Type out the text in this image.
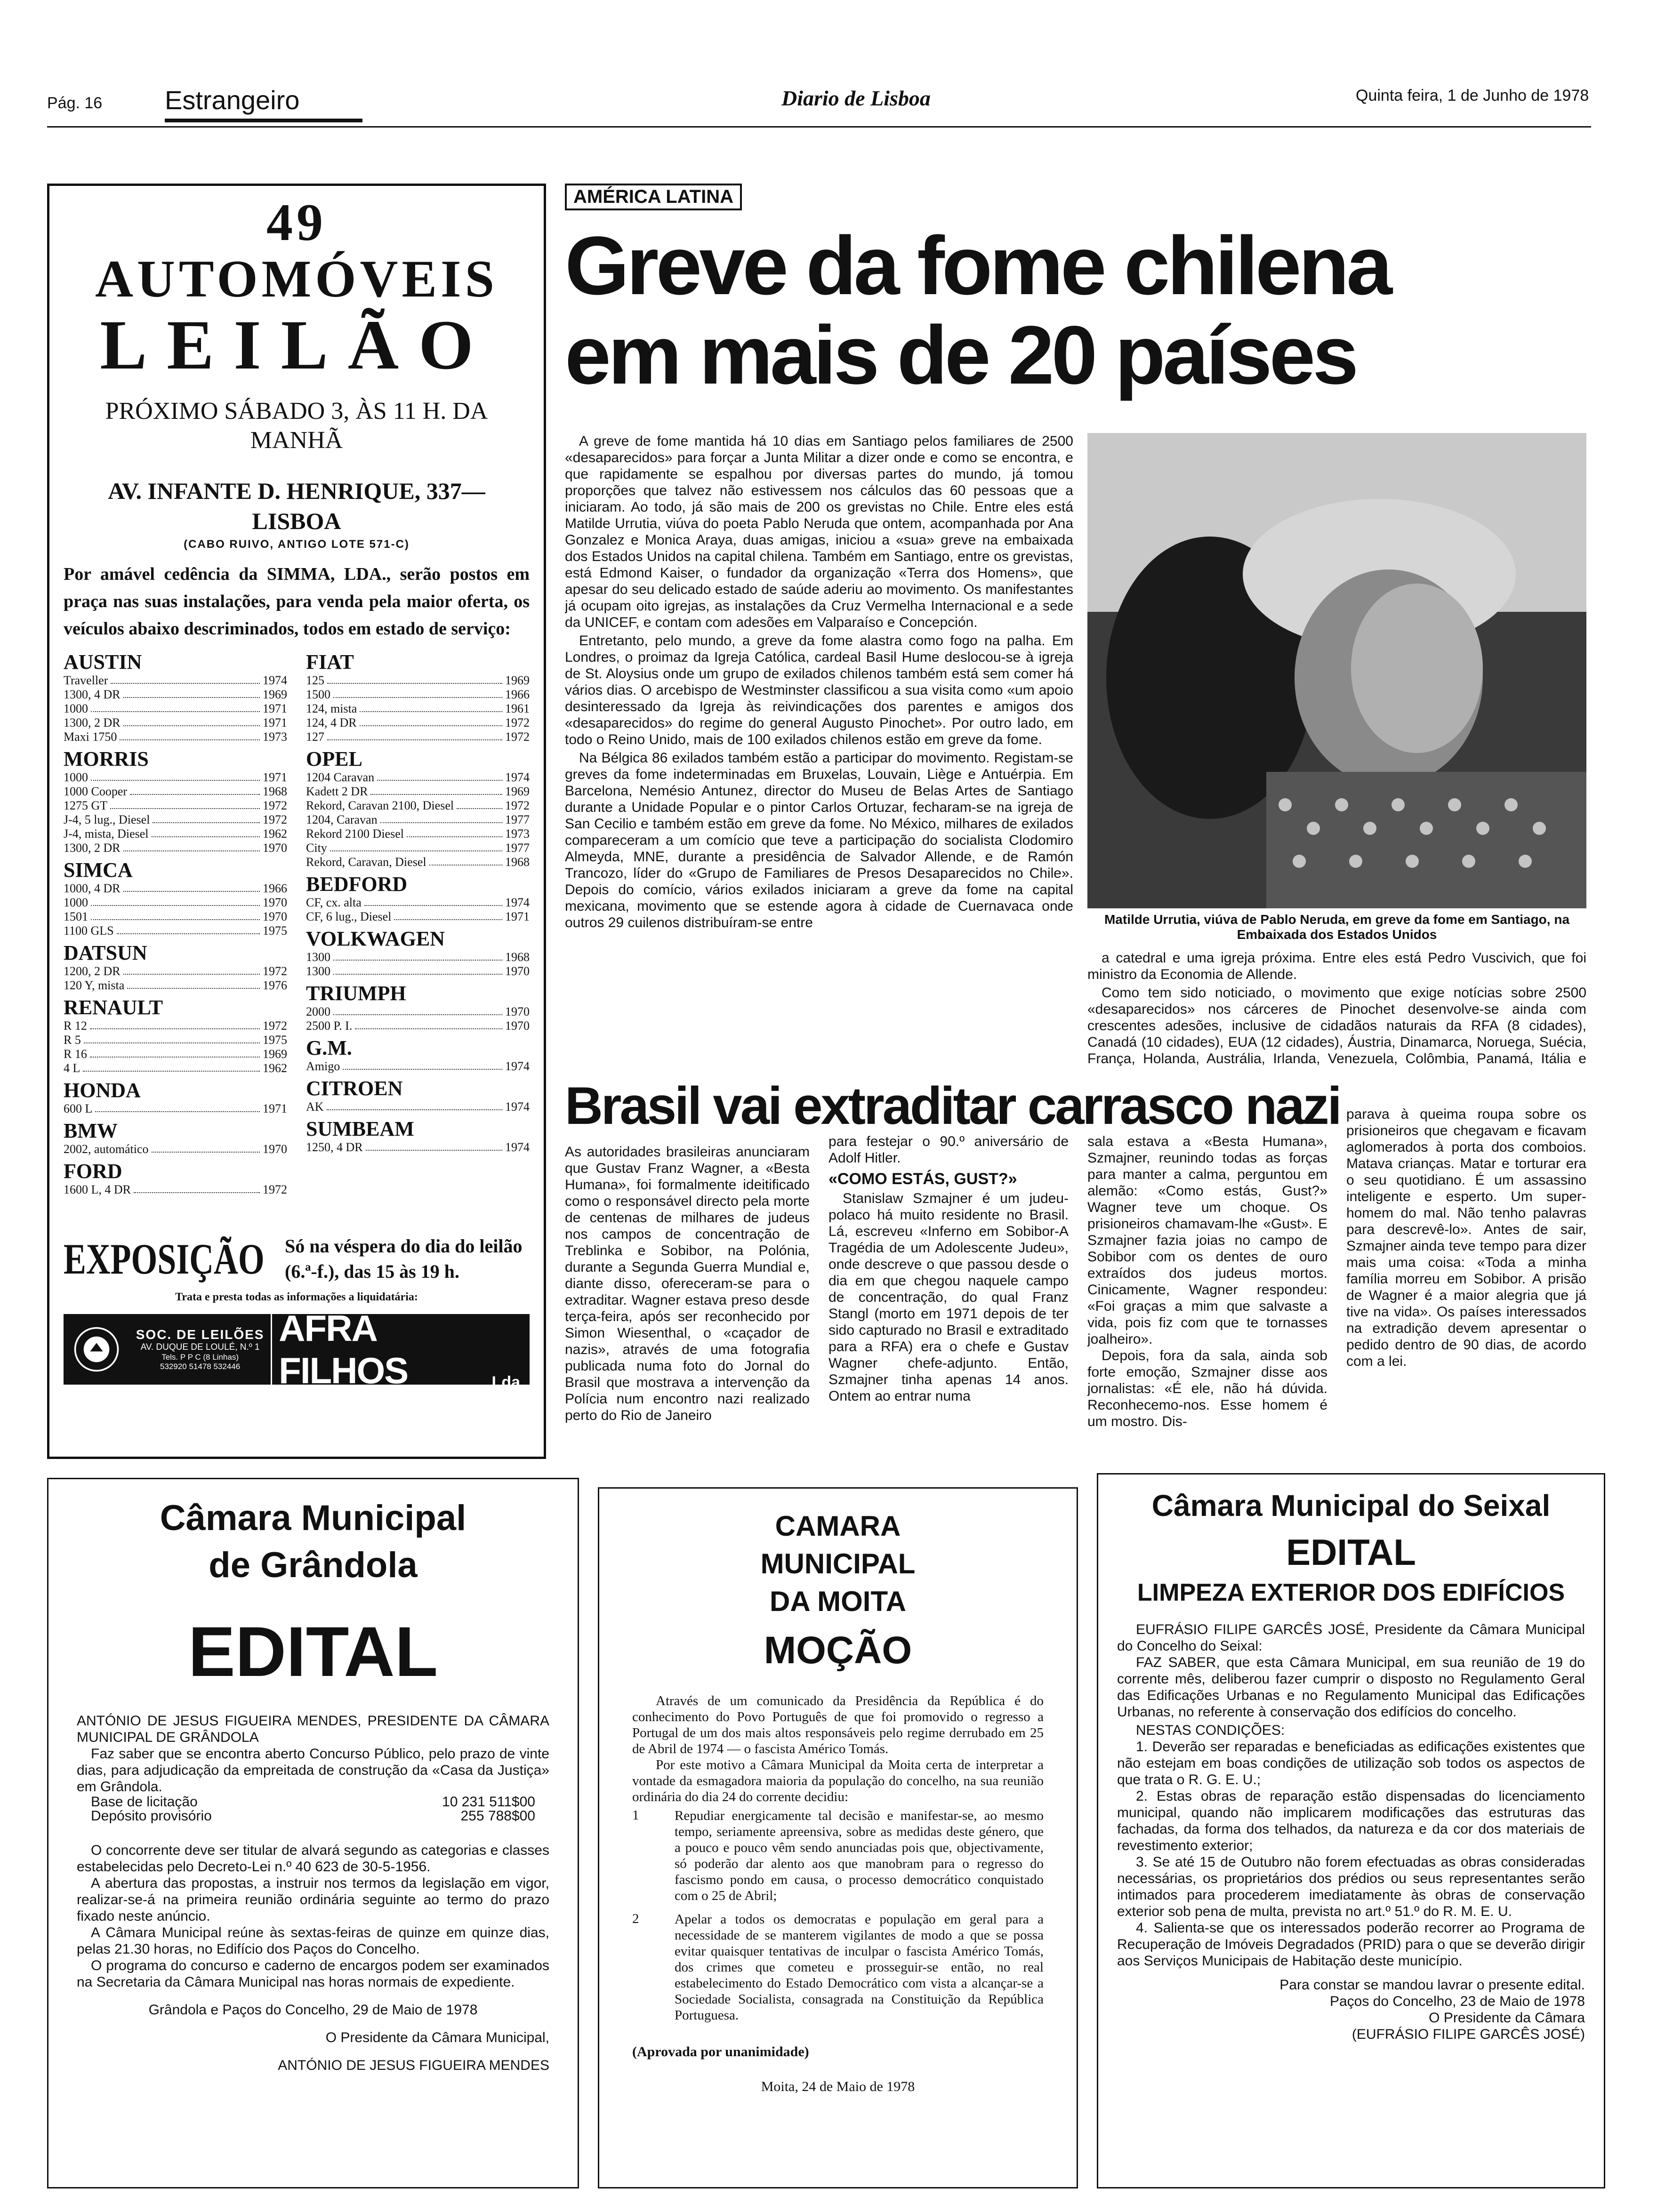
Pág. 16 Estrangeiro	Diario de Lisboa	Quinta feira, 1 de Junho de 1978
49 AUTOMÓVEIS
LEILÃO
PRÓXIMO SÁBADO 3, ÀS 11 H. DA MANHÃ
AV. INFANTE D. HENRIQUE, 337—LISBOA
(CABO RUIVO, ANTIGO LOTE 571-C)
Por amável cedência da SIMMA, LDA., serão postos em praça nas suas instalações, para venda pela maior oferta, os veículos abaixo descriminados, todos em estado de serviço:
AUSTIN
Traveller	1974
1300, 4 DR	1969
1000	1971
1300, 2 DR	1971
Maxi 1750	1973
MORRIS
1000	1971
1000 Cooper	1968
1275 GT	1972
J-4, 5 lug., Diesel	1972
J-4, mista, Diesel	1962
1300, 2 DR	1970
SIMCA
1000, 4 DR	1966
1000	1970
1501	1970
1100 GLS	1975
DATSUN
1200, 2 DR	1972
120 Y, mista	1976
RENAULT
R 12	1972
R 5	1975
R 16	1969
4 L	1962
HONDA
600 L	1971
BMW
2002, automático	1970
FORD
1600 L, 4 DR	1972
FIAT
125	1969
1500	1966
124, mista	1961
124, 4 DR	1972
127	1972
OPEL
1204 Caravan	1974
Kadett 2 DR	1969
Rekord, Caravan 2100, Diesel	1972
1204, Caravan	1977
Rekord 2100 Diesel	1973
City	1977
Rekord, Caravan, Diesel	1968
BEDFORD
CF, cx. alta	1974
CF, 6 lug., Diesel	1971
VOLKWAGEN
1300	1968
1300	1970
TRIUMPH
2000	1970
2500 P. I.	1970
G.M.
Amigo	1974
CITROEN
AK	1974
SUMBEAM
1250, 4 DR	1974
EXPOSIÇÃO Só na véspera do dia do leilão (6.ª-f.), das 15 às 19 h.
Trata e presta todas as informações a liquidatária:
SOC. DE LEILÕES
AV. DUQUE DE LOULÉ, N.º 1
Tels. P P C (8 Linhas)
532920 51478 532446
AFRA FILHOS	Lda
AMÉRICA LATINA
Greve da fome chilena em mais de 20 países

A greve de fome mantida há 10 dias em Santiago pelos familiares de 2500 «desaparecidos» para forçar a Junta Militar a dizer onde e como se encontra, e que rapidamente se espalhou por diversas partes do mundo, já tomou proporções que talvez não estivessem nos cálculos das 60 pessoas que a iniciaram. Ao todo, já são mais de 200 os grevistas no Chile. Entre eles está Matilde Urrutia, viúva do poeta Pablo Neruda que ontem, acompanhada por Ana Gonzalez e Monica Araya, duas amigas, iniciou a «sua» greve na embaixada dos Estados Unidos na capital chilena. Também em Santiago, entre os grevistas, está Edmond Kaiser, o fundador da organização «Terra dos Homens», que apesar do seu delicado estado de saúde aderiu ao movimento. Os manifestantes já ocupam oito igrejas, as instalações da Cruz Vermelha Internacional e a sede da UNICEF, e contam com adesões em Valparaíso e Concepción.

Entretanto, pelo mundo, a greve da fome alastra como fogo na palha. Em Londres, o proimaz da Igreja Católica, cardeal Basil Hume deslocou-se à igreja de St. Aloysius onde um grupo de exilados chilenos também está sem comer há vários dias. O arcebispo de Westminster classificou a sua visita como «um apoio desinteressado da Igreja às reivindicações dos parentes e amigos dos «desaparecidos» do regime do general Augusto Pinochet». Por outro lado, em todo o Reino Unido, mais de 100 exilados chilenos estão em greve da fome.

Na Bélgica 86 exilados também estão a participar do movimento. Registam-se greves da fome indeterminadas em Bruxelas, Louvain, Liège e Antuérpia. Em Barcelona, Nemésio Antunez, director do Museu de Belas Artes de Santiago durante a Unidade Popular e o pintor Carlos Ortuzar, fecharam-se na igreja de San Cecilio e também estão em greve da fome. No México, milhares de exilados compareceram a um comício que teve a participação do socialista Clodomiro Almeyda, MNE, durante a presidência de Salvador Allende, e de Ramón Trancozo, líder do «Grupo de Familiares de Presos Desaparecidos no Chile». Depois do comício, vários exilados iniciaram a greve da fome na capital mexicana, movimento que se estende agora à cidade de Cuernavaca onde outros 29 cuilenos distribuíram-se entre	Matilde Urrutia, viúva de Pablo Neruda, em greve da fome em Santiago, na Embaixada dos Estados Unidos

a catedral e uma igreja próxima. Entre eles está Pedro Vuscivich, que foi ministro da Economia de Allende.

Como tem sido noticiado, o movimento que exige notícias sobre 2500 «desaparecidos» nos cárceres de Pinochet desenvolve-se ainda com crescentes adesões, inclusive de cidadãos naturais da RFA (8 cidades), Canadá (10 cidades), EUA (12 cidades), Áustria, Dinamarca, Noruega, Suécia, França, Holanda, Austrália, Irlanda, Venezuela, Colômbia, Panamá, Itália e

Brasil vai extraditar carrasco nazi
As autoridades brasileiras anunciaram que Gustav Franz Wagner, a «Besta Humana», foi formalmente ideitificado como o responsável directo pela morte de centenas de milhares de judeus nos campos de concentração de Treblinka e Sobibor, na Polónia, durante a Segunda Guerra Mundial e, diante disso, ofereceram-se para o extraditar. Wagner estava preso desde terça-feira, após ser reconhecido por Simon Wiesenthal, o «caçador de nazis», através de uma fotografia publicada numa foto do Jornal do Brasil que mostrava a intervenção da Polícia num encontro nazi realizado perto do Rio de Janeiro
para festejar o 90.º aniversário de Adolf Hitler.
«COMO ESTÁS, GUST?»
Stanislaw Szmajner é um judeu-polaco há muito residente no Brasil. Lá, escreveu «Inferno em Sobibor-A Tragédia de um Adolescente Judeu», onde descreve o que passou desde o dia em que chegou naquele campo de concentração, do qual Franz Stangl (morto em 1971 depois de ter sido capturado no Brasil e extraditado para a RFA) era o chefe e Gustav Wagner chefe-adjunto. Então, Szmajner tinha apenas 14 anos. Ontem ao entrar numa
sala estava a «Besta Humana», Szmajner, reunindo todas as forças para manter a calma, perguntou em alemão: «Como estás, Gust?» Wagner teve um choque. Os prisioneiros chamavam-lhe «Gust». E Szmajner fazia joias no campo de Sobibor com os dentes de ouro extraídos dos judeus mortos. Cinicamente, Wagner respondeu: «Foi graças a mim que salvaste a vida, pois fiz com que te tornasses joalheiro».
Depois, fora da sala, ainda sob forte emoção, Szmajner disse aos jornalistas: «É ele, não há dúvida. Reconhecemo-nos. Esse homem é um mostro. Dis-
parava à queima roupa sobre os prisioneiros que chegavam e ficavam aglomerados à porta dos comboios. Matava crianças. Matar e torturar era o seu quotidiano. É um assassino inteligente e esperto. Um super-homem do mal. Não tenho palavras para descrevê-lo». Antes de sair, Szmajner ainda teve tempo para dizer mais uma coisa: «Toda a minha família morreu em Sobibor. A prisão de Wagner é a maior alegria que já tive na vida». Os países interessados na extradição devem apresentar o pedido dentro de 90 dias, de acordo com a lei.
Câmara Municipal
de Grândola
EDITAL
ANTÓNIO DE JESUS FIGUEIRA MENDES, PRESIDENTE DA CÂMARA MUNICIPAL DE GRÂNDOLA
Faz saber que se encontra aberto Concurso Público, pelo prazo de vinte dias, para adjudicação da empreitada de construção da «Casa da Justiça» em Grândola.
Base de licitação	10 231 511$00
Depósito provisório	255 788$00
O concorrente deve ser titular de alvará segundo as categorias e classes estabelecidas pelo Decreto-Lei n.º 40 623 de 30-5-1956.
A abertura das propostas, a instruir nos termos da legislação em vigor, realizar-se-á na primeira reunião ordinária seguinte ao termo do prazo fixado neste anúncio.
A Câmara Municipal reúne às sextas-feiras de quinze em quinze dias, pelas 21.30 horas, no Edifício dos Paços do Concelho.
O programa do concurso e caderno de encargos podem ser examinados na Secretaria da Câmara Municipal nas horas normais de expediente.
Grândola e Paços do Concelho, 29 de Maio de 1978
O Presidente da Câmara Municipal,
ANTÓNIO DE JESUS FIGUEIRA MENDES
CAMARA
MUNICIPAL
DA MOITA
MOÇÃO
Através de um comunicado da Presidência da República é do conhecimento do Povo Português de que foi promovido o regresso a Portugal de um dos mais altos responsáveis pelo regime derrubado em 25 de Abril de 1974 — o fascista Américo Tomás.
Por este motivo a Câmara Municipal da Moita certa de interpretar a vontade da esmagadora maioria da população do concelho, na sua reunião ordinária do dia 24 do corrente decidiu:
1	Repudiar energicamente tal decisão e manifestar-se, ao mesmo tempo, seriamente apreensiva, sobre as medidas deste género, que a pouco e pouco vêm sendo anunciadas pois que, objectivamente, só poderão dar alento aos que manobram para o regresso do fascismo pondo em causa, o processo democrático conquistado com o 25 de Abril;
2	Apelar a todos os democratas e população em geral para a necessidade de se manterem vigilantes de modo a que se possa evitar quaisquer tentativas de inculpar o fascista Américo Tomás, dos crimes que cometeu e prosseguir-se então, no real estabelecimento do Estado Democrático com vista a alcançar-se a Sociedade Socialista, consagrada na Constituição da República Portuguesa.
(Aprovada por unanimidade)
Moita, 24 de Maio de 1978
Câmara Municipal do Seixal
EDITAL
LIMPEZA EXTERIOR DOS EDIFÍCIOS
EUFRÁSIO FILIPE GARCÊS JOSÉ, Presidente da Câmara Municipal do Concelho do Seixal:
FAZ SABER, que esta Câmara Municipal, em sua reunião de 19 do corrente mês, deliberou fazer cumprir o disposto no Regulamento Geral das Edificações Urbanas e no Regulamento Municipal das Edificações Urbanas, no referente à conservação dos edifícios do concelho.
NESTAS CONDIÇÕES:
1. Deverão ser reparadas e beneficiadas as edificações existentes que não estejam em boas condições de utilização sob todos os aspectos de que trata o R. G. E. U.;
2. Estas obras de reparação estão dispensadas do licenciamento municipal, quando não implicarem modificações das estruturas das fachadas, da forma dos telhados, da natureza e da cor dos materiais de revestimento exterior;
3. Se até 15 de Outubro não forem efectuadas as obras consideradas necessárias, os proprietários dos prédios ou seus representantes serão intimados para procederem imediatamente às obras de conservação exterior sob pena de multa, prevista no art.º 51.º do R. M. E. U.
4. Salienta-se que os interessados poderão recorrer ao Programa de Recuperação de Imóveis Degradados (PRID) para o que se deverão dirigir aos Serviços Municipais de Habitação deste município.
Para constar se mandou lavrar o presente edital.
Paços do Concelho, 23 de Maio de 1978
O Presidente da Câmara
(EUFRÁSIO FILIPE GARCÊS JOSÉ)
